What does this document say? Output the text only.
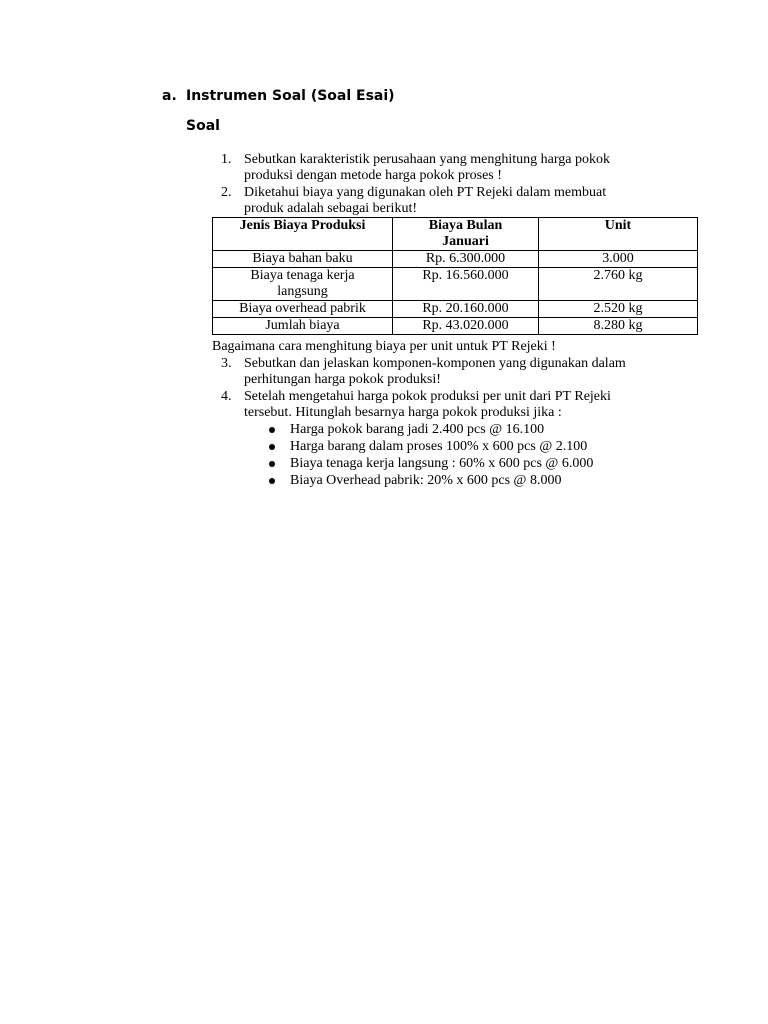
a. Instrumen Soal (Soal Esai)
Soal
1. Sebutkan karakteristik perusahaan yang menghitung harga pokok
produksi dengan metode harga pokok proses !
2. Diketahui biaya yang digunakan oleh PT Rejeki dalam membuat
produk adalah sebagai berikut!
Jenis Biaya Produksi	Biaya Bulan Januari	Unit
Biaya bahan baku	Rp. 6.300.000	3.000
Biaya tenaga kerja langsung	Rp. 16.560.000	2.760 kg
Biaya overhead pabrik	Rp. 20.160.000	2.520 kg
Jumlah biaya	Rp. 43.020.000	8.280 kg
Bagaimana cara menghitung biaya per unit untuk PT Rejeki !
3. Sebutkan dan jelaskan komponen-komponen yang digunakan dalam
perhitungan harga pokok produksi!
4. Setelah mengetahui harga pokok produksi per unit dari PT Rejeki
tersebut. Hitunglah besarnya harga pokok produksi jika :
Harga pokok barang jadi 2.400 pcs @ 16.100
Harga barang dalam proses 100% x 600 pcs @ 2.100
Biaya tenaga kerja langsung : 60% x 600 pcs @ 6.000
Biaya Overhead pabrik: 20% x 600 pcs @ 8.000
